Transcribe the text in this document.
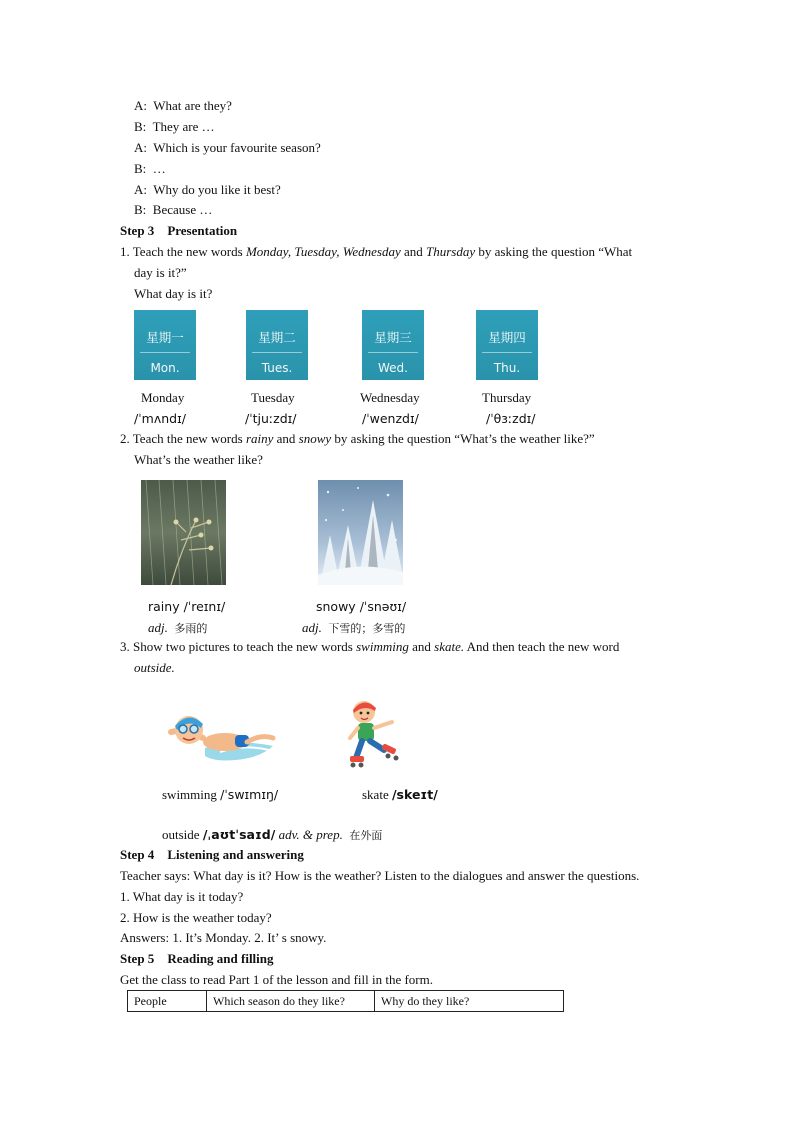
A: What are they?
B: They are …
A: Which is your favourite season?
B: …
A: Why do you like it best?
B: Because …
Step 3 Presentation
1. Teach the new words Monday, Tuesday, Wednesday and Thursday by asking the question “What
day is it?”
What day is it?
星期一
Mon.
星期二
Tues.
星期三
Wed.
星期四
Thu.
Monday	Tuesday	Wednesday	Thursday
/ˈmʌndɪ/	/ˈtjuːzdɪ/	/ˈwenzdɪ/	/ˈθɜːzdɪ/
2. Teach the new words rainy and snowy by asking the question “What’s the weather like?”
What’s the weather like?
rainy /ˈreɪnɪ/	snowy /ˈsnəʊɪ/
adj. 多雨的	adj. 下雪的；多雪的
3. Show two pictures to teach the new words swimming and skate. And then teach the new word
outside.
swimming /ˈswɪmɪŋ/	skate /skeɪt/
outside /ˌaʊtˈsaɪd/ adv. & prep. 在外面
Step 4 Listening and answering
Teacher says: What day is it? How is the weather? Listen to the dialogues and answer the questions.
1. What day is it today?
2. How is the weather today?
Answers: 1. It’s Monday. 2. It’ s snowy.
Step 5 Reading and filling
Get the class to read Part 1 of the lesson and fill in the form.
People	Which season do they like?	Why do they like?
